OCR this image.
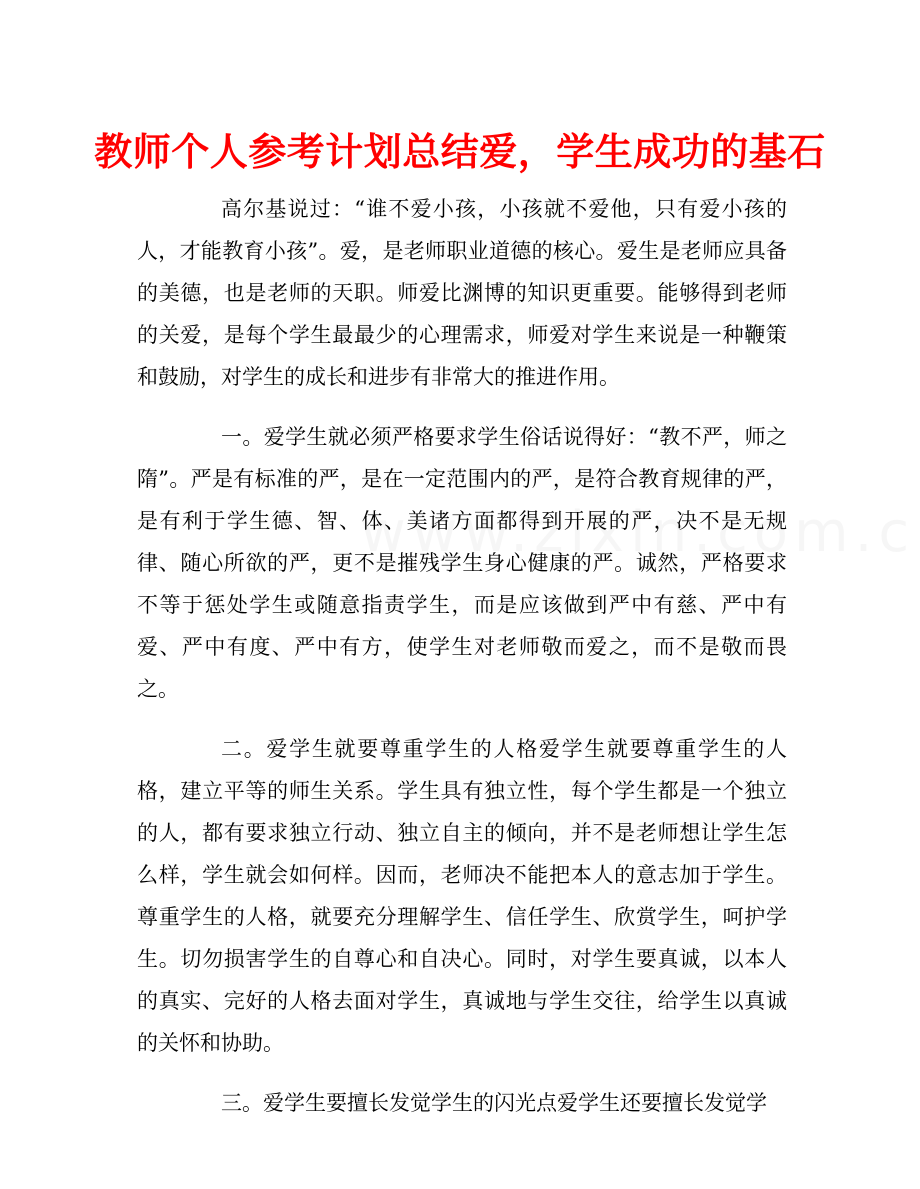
教师个人参考计划总结爱，学生成功的基石

高尔基说过：“谁不爱小孩，小孩就不爱他，只有爱小孩的人，才能教育小孩”。爱，是老师职业道德的核心。爱生是老师应具备的美德，也是老师的天职。师爱比渊博的知识更重要。能够得到老师的关爱，是每个学生最最少的心理需求，师爱对学生来说是一种鞭策和鼓励，对学生的成长和进步有非常大的推进作用。

一。爱学生就必须严格要求学生俗话说得好：“教不严，师之隋”。严是有标准的严，是在一定范围内的严，是符合教育规律的严，是有利于学生德、智、体、美诸方面都得到开展的严，决不是无规律、随心所欲的严，更不是摧残学生身心健康的严。诚然，严格要求不等于惩处学生或随意指责学生，而是应该做到严中有慈、严中有爱、严中有度、严中有方，使学生对老师敬而爱之，而不是敬而畏之。

二。爱学生就要尊重学生的人格爱学生就要尊重学生的人格，建立平等的师生关系。学生具有独立性，每个学生都是一个独立的人，都有要求独立行动、独立自主的倾向，并不是老师想让学生怎么样，学生就会如何样。因而，老师决不能把本人的意志加于学生。尊重学生的人格，就要充分理解学生、信任学生、欣赏学生，呵护学生。切勿损害学生的自尊心和自决心。同时，对学生要真诚，以本人的真实、完好的人格去面对学生，真诚地与学生交往，给学生以真诚的关怀和协助。

三。爱学生要擅长发觉学生的闪光点爱学生还要擅长发觉学
